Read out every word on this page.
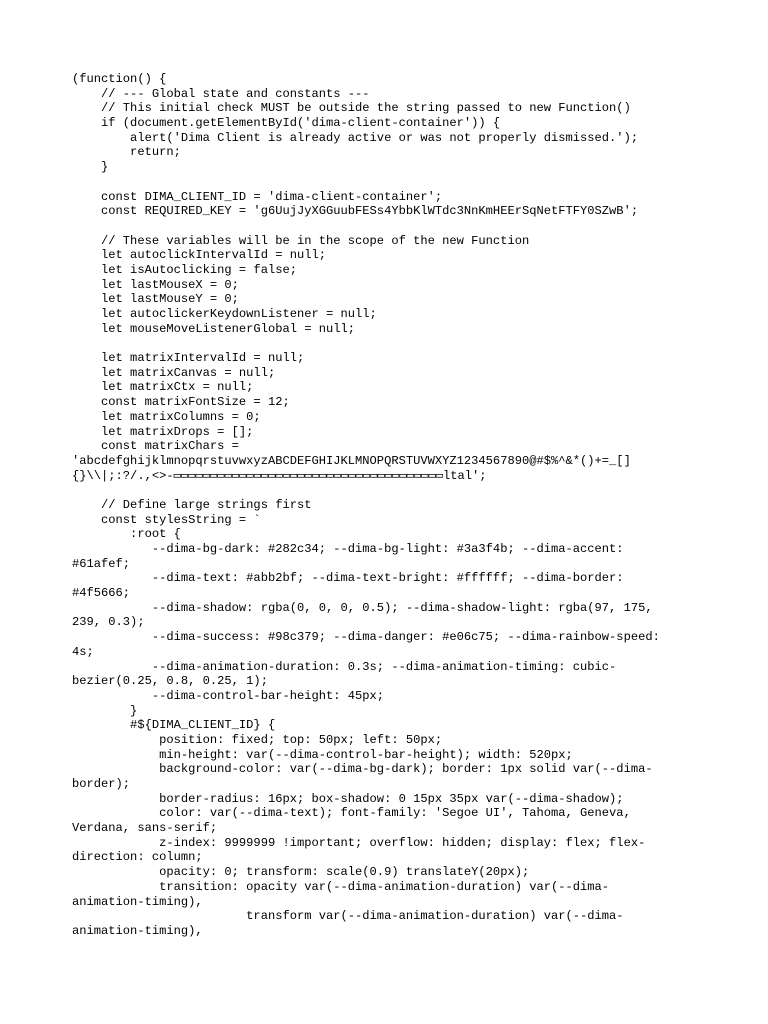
(function() {
// --- Global state and constants ---
// This initial check MUST be outside the string passed to new Function()
if (document.getElementById('dima-client-container')) {
alert('Dima Client is already active or was not properly dismissed.');
return;
}
const DIMA_CLIENT_ID = 'dima-client-container';
const REQUIRED_KEY = 'g6UujJyXGGuubFESs4YbbKlWTdc3NnKmHEErSqNetFTFY0SZwB';
// These variables will be in the scope of the new Function
let autoclickIntervalId = null;
let isAutoclicking = false;
let lastMouseX = 0;
let lastMouseY = 0;
let autoclickerKeydownListener = null;
let mouseMoveListenerGlobal = null;
let matrixIntervalId = null;
let matrixCanvas = null;
let matrixCtx = null;
const matrixFontSize = 12;
let matrixColumns = 0;
let matrixDrops = [];
const matrixChars =
'abcdefghijklmnopqrstuvwxyzABCDEFGHIJKLMNOPQRSTUVWXYZ1234567890@#$%^&*()+=_[]
{}\\|;:?/.,<>-▭▭▭▭▭▭▭▭▭▭▭▭▭▭▭▭▭▭▭▭▭▭▭▭▭▭▭▭▭▭▭▭▭▭▭▭▭ltal';
// Define large strings first
const stylesString = `
:root {
--dima-bg-dark: #282c34; --dima-bg-light: #3a3f4b; --dima-accent:
#61afef;
--dima-text: #abb2bf; --dima-text-bright: #ffffff; --dima-border:
#4f5666;
--dima-shadow: rgba(0, 0, 0, 0.5); --dima-shadow-light: rgba(97, 175,
239, 0.3);
--dima-success: #98c379; --dima-danger: #e06c75; --dima-rainbow-speed:
4s;
--dima-animation-duration: 0.3s; --dima-animation-timing: cubic-
bezier(0.25, 0.8, 0.25, 1);
--dima-control-bar-height: 45px;
}
#${DIMA_CLIENT_ID} {
position: fixed; top: 50px; left: 50px;
min-height: var(--dima-control-bar-height); width: 520px;
background-color: var(--dima-bg-dark); border: 1px solid var(--dima-
border);
border-radius: 16px; box-shadow: 0 15px 35px var(--dima-shadow);
color: var(--dima-text); font-family: 'Segoe UI', Tahoma, Geneva,
Verdana, sans-serif;
z-index: 9999999 !important; overflow: hidden; display: flex; flex-
direction: column;
opacity: 0; transform: scale(0.9) translateY(20px);
transition: opacity var(--dima-animation-duration) var(--dima-
animation-timing),
transform var(--dima-animation-duration) var(--dima-
animation-timing),
